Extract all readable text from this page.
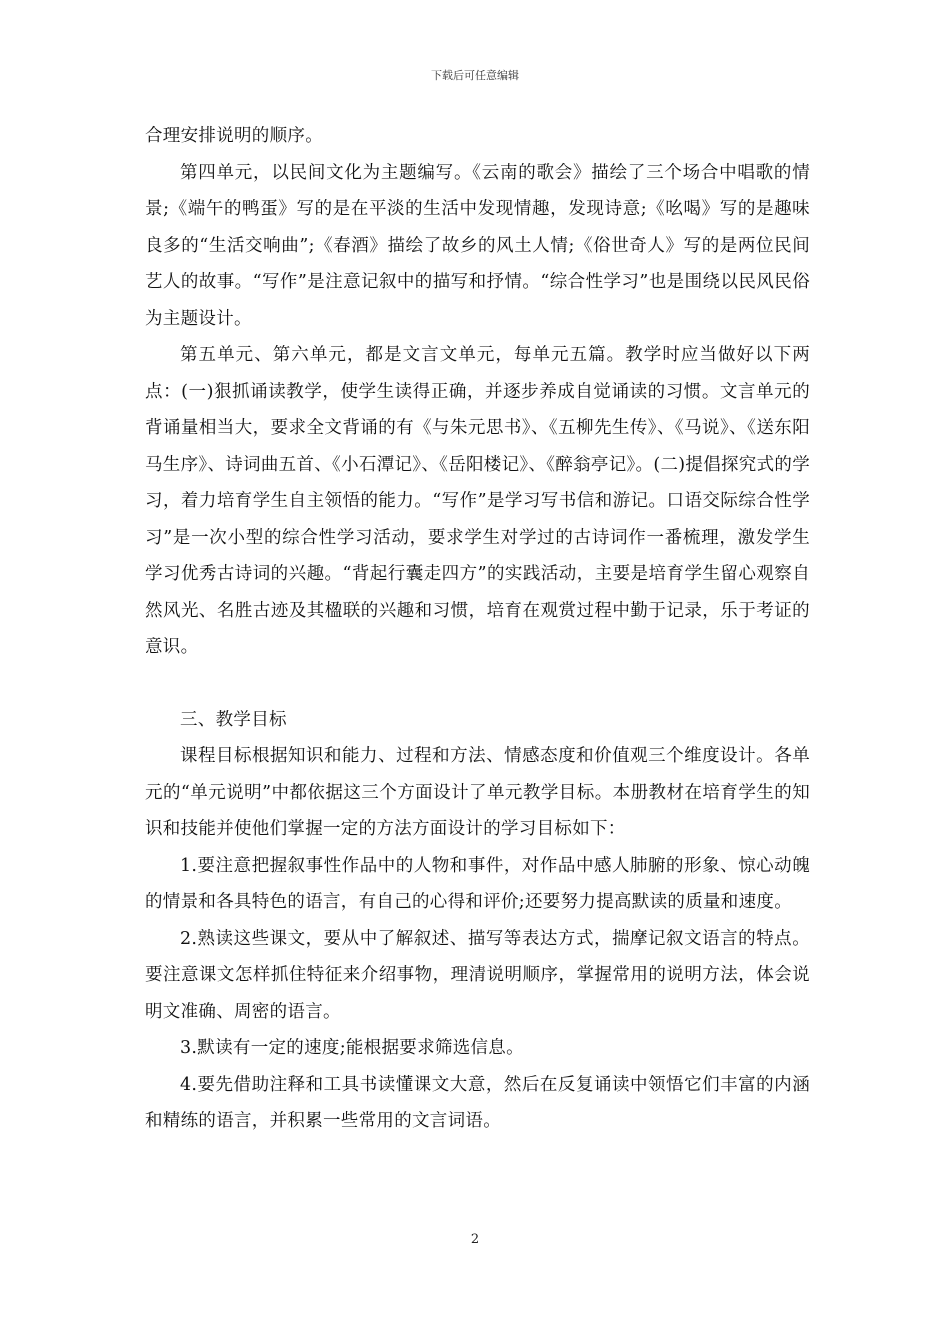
下载后可任意编辑

合理安排说明的顺序。

第四单元，以民间文化为主题编写。《云南的歌会》描绘了三个场合中唱歌的情景;《端午的鸭蛋》写的是在平淡的生活中发现情趣，发现诗意;《吆喝》写的是趣味良多的“生活交响曲”;《春酒》描绘了故乡的风土人情;《俗世奇人》写的是两位民间艺人的故事。“写作”是注意记叙中的描写和抒情。“综合性学习”也是围绕以民风民俗为主题设计。

第五单元、第六单元，都是文言文单元，每单元五篇。教学时应当做好以下两点：(一)狠抓诵读教学，使学生读得正确，并逐步养成自觉诵读的习惯。文言单元的背诵量相当大，要求全文背诵的有《与朱元思书》、《五柳先生传》、《马说》、《送东阳马生序》、诗词曲五首、《小石潭记》、《岳阳楼记》、《醉翁亭记》。(二)提倡探究式的学习，着力培育学生自主领悟的能力。“写作”是学习写书信和游记。口语交际综合性学习”是一次小型的综合性学习活动，要求学生对学过的古诗词作一番梳理，激发学生学习优秀古诗词的兴趣。“背起行囊走四方”的实践活动，主要是培育学生留心观察自然风光、名胜古迹及其楹联的兴趣和习惯，培育在观赏过程中勤于记录，乐于考证的意识。

三、教学目标

课程目标根据知识和能力、过程和方法、情感态度和价值观三个维度设计。各单元的“单元说明”中都依据这三个方面设计了单元教学目标。本册教材在培育学生的知识和技能并使他们掌握一定的方法方面设计的学习目标如下：

1.要注意把握叙事性作品中的人物和事件，对作品中感人肺腑的形象、惊心动魄的情景和各具特色的语言，有自己的心得和评价;还要努力提高默读的质量和速度。

2.熟读这些课文，要从中了解叙述、描写等表达方式，揣摩记叙文语言的特点。要注意课文怎样抓住特征来介绍事物，理清说明顺序，掌握常用的说明方法，体会说明文准确、周密的语言。

3.默读有一定的速度;能根据要求筛选信息。

4.要先借助注释和工具书读懂课文大意，然后在反复诵读中领悟它们丰富的内涵和精练的语言，并积累一些常用的文言词语。

2
